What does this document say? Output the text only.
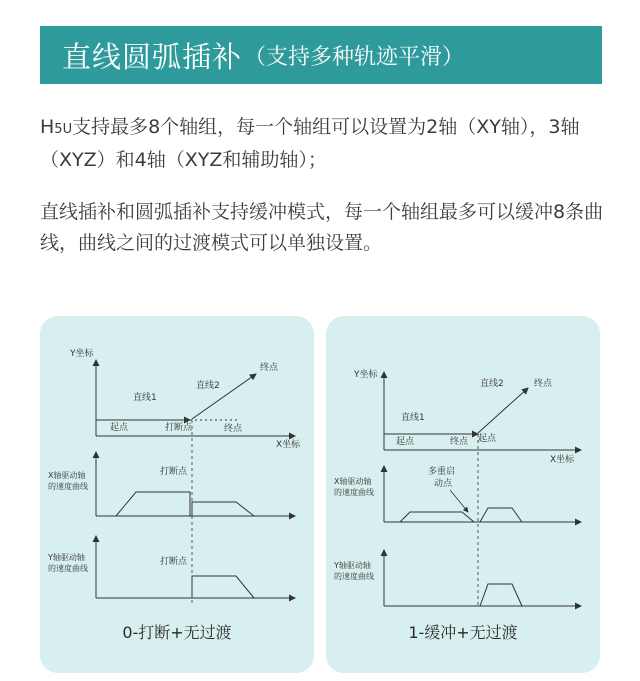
直线圆弧插补 （支持多种轨迹平滑）

H5U支持最多8个轴组，每一个轴组可以设置为2轴（XY轴），3轴（XYZ）和4轴（XYZ和辅助轴）；

直线插补和圆弧插补支持缓冲模式，每一个轴组最多可以缓冲8条曲线，曲线之间的过渡模式可以单独设置。

Y坐标
X坐标
直线1
起点	打断点	终点
直线2
终点
X轴驱动轴
的速度曲线
打断点
Y轴驱动轴
的速度曲线
打断点
0-打断+无过渡
Y坐标
X坐标
直线1
起点	终点
直线2
起点
终点
X轴驱动轴
的速度曲线
多重启
动点
Y轴驱动轴
的速度曲线
1-缓冲+无过渡
